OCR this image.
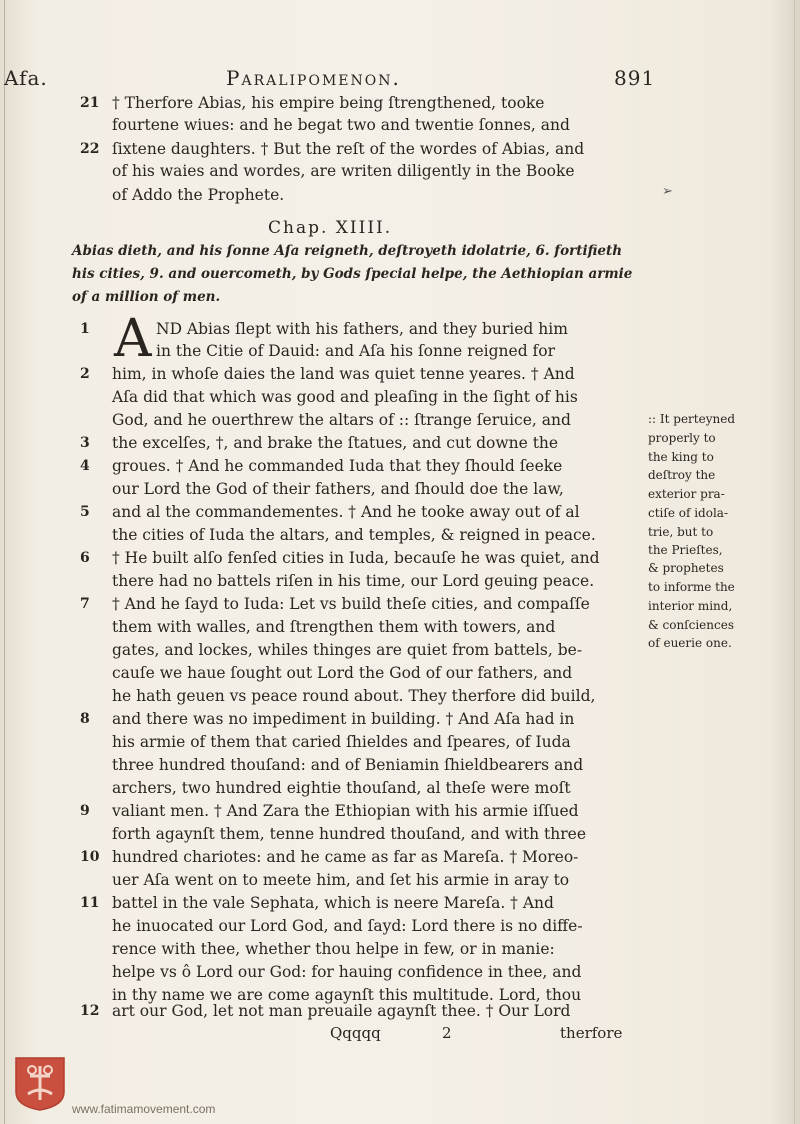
Afa.	Paralipomenon.	891
21 † Therfore Abias, his empire being ſtrengthened, tooke
fourtene wiues: and he begat two and twentie ſonnes, and
22 ſixtene daughters. † But the reſt of the wordes of Abias, and
of his waies and wordes, are writen diligently in the Booke
of Addo the Prophete.	➢
Chap. XIIII.
Abias dieth, and his ſonne Aſa reigneth, deſtroyeth idolatrie, 6. fortifieth
his cities, 9. and ouercometh, by Gods ſpecial helpe, the Aethiopian armie
of a million of men.
A
1	ND Abias ſlept with his fathers, and they buried him
in the Citie of Dauid: and Aſa his ſonne reigned for
2	him, in whoſe daies the land was quiet tenne yeares. † And
Aſa did that which was good and pleaſing in the ſight of his
God, and he ouerthrew the altars of :: ſtrange ſeruice, and
3	the excelſes, †, and brake the ſtatues, and cut downe the
4	groues. † And he commanded Iuda that they ſhould ſeeke
our Lord the God of their fathers, and ſhould doe the law,
5	and al the commandementes. † And he tooke away out of al
the cities of Iuda the altars, and temples, & reigned in peace.
6	† He built alſo fenſed cities in Iuda, becauſe he was quiet, and
there had no battels riſen in his time, our Lord geuing peace.
7	† And he ſayd to Iuda: Let vs build theſe cities, and compaſſe
them with walles, and ſtrengthen them with towers, and
gates, and lockes, whiles thinges are quiet from battels, be-
cauſe we haue ſought out Lord the God of our fathers, and
he hath geuen vs peace round about. They therfore did build,
8	and there was no impediment in building. † And Aſa had in
his armie of them that caried ſhieldes and ſpeares, of Iuda
three hundred thouſand: and of Beniamin ſhieldbearers and
archers, two hundred eightie thouſand, al theſe were moſt
9	valiant men. † And Zara the Ethiopian with his armie iſſued
forth agaynſt them, tenne hundred thouſand, and with three
10 hundred chariotes: and he came as far as Mareſa. † Moreo-
uer Aſa went on to meete him, and ſet his armie in aray to
11 battel in the vale Sephata, which is neere Mareſa. † And
he inuocated our Lord God, and ſayd: Lord there is no diffe-
rence with thee, whether thou helpe in few, or in manie:
helpe vs ô Lord our God: for hauing confidence in thee, and
in thy name we are come agaynſt this multitude. Lord, thou
12 art our God, let not man preuaile agaynſt thee. † Our Lord
:: It perteyned
properly to
the king to
deſtroy the
exterior pra-
ctiſe of idola-
trie, but to
the Prieſtes,
& prophetes
to informe the
interior mind,
& conſciences
of euerie one.
Qqqqq	2	therfore
www.fatimamovement.com
